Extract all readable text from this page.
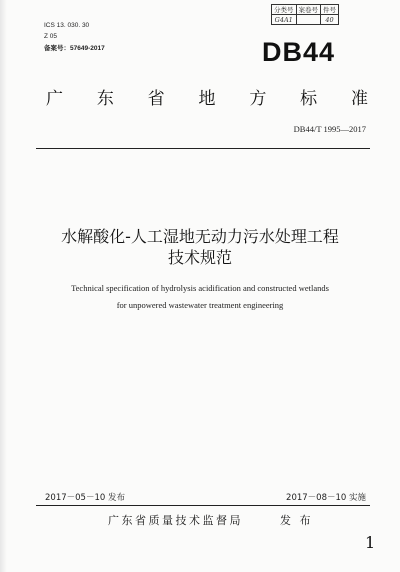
ICS 13. 030. 30
Z 05
备案号：57649-2017
分类号	案卷号	件号
G4A1		40
DB44
广 东 省 地 方 标 准
DB44/T 1995—2017
水解酸化-人工湿地无动力污水处理工程
技术规范
Technical specification of hydrolysis acidification and constructed wetlands
for unpowered wastewater treatment engineering
2017－05－10 发布	2017－08－10 实施
广东省质量技术监督局	发 布
1
